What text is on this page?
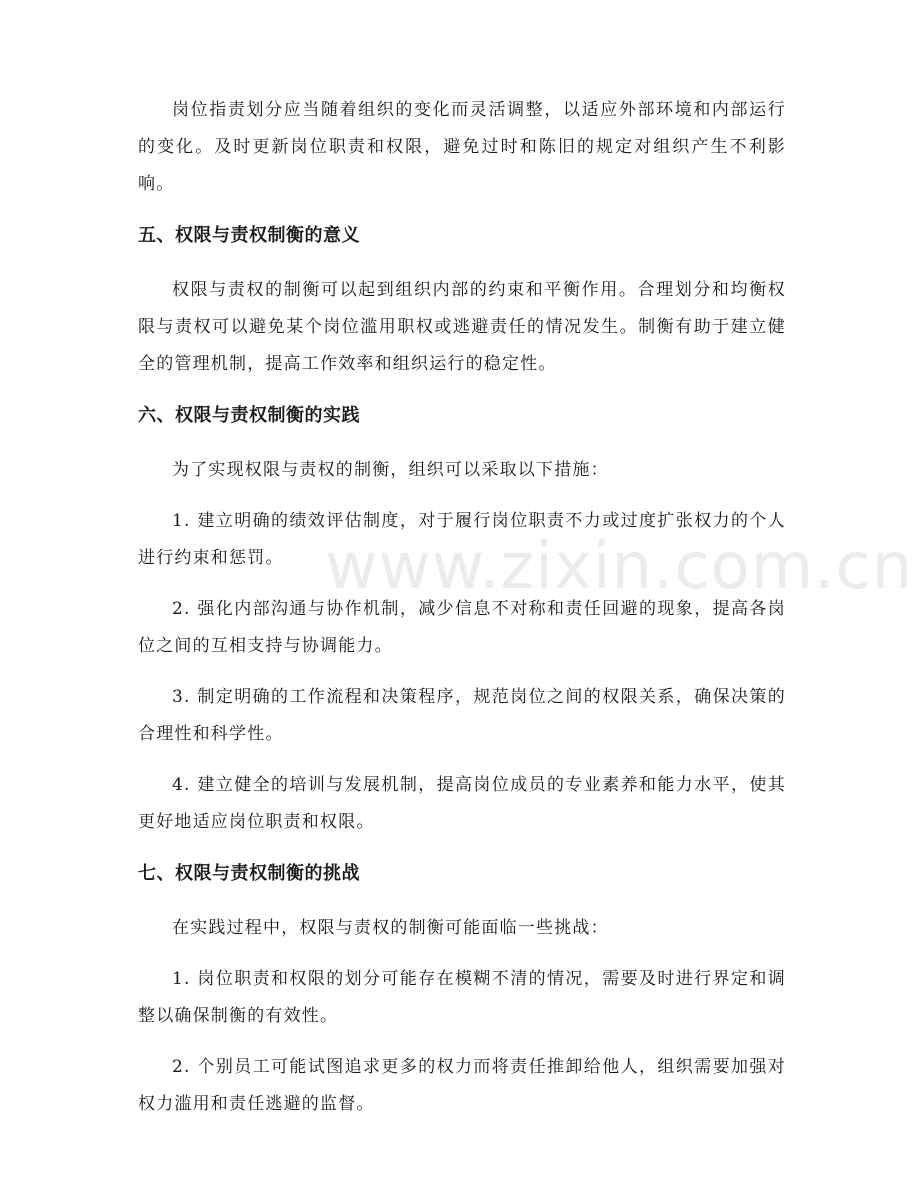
岗位指责划分应当随着组织的变化而灵活调整，以适应外部环境和内部运行的变化。及时更新岗位职责和权限，避免过时和陈旧的规定对组织产生不利影响。

五、权限与责权制衡的意义

权限与责权的制衡可以起到组织内部的约束和平衡作用。合理划分和均衡权限与责权可以避免某个岗位滥用职权或逃避责任的情况发生。制衡有助于建立健全的管理机制，提高工作效率和组织运行的稳定性。

六、权限与责权制衡的实践

为了实现权限与责权的制衡，组织可以采取以下措施：

1. 建立明确的绩效评估制度，对于履行岗位职责不力或过度扩张权力的个人进行约束和惩罚。

2. 强化内部沟通与协作机制，减少信息不对称和责任回避的现象，提高各岗位之间的互相支持与协调能力。

3. 制定明确的工作流程和决策程序，规范岗位之间的权限关系，确保决策的合理性和科学性。

4. 建立健全的培训与发展机制，提高岗位成员的专业素养和能力水平，使其更好地适应岗位职责和权限。

七、权限与责权制衡的挑战

在实践过程中，权限与责权的制衡可能面临一些挑战：

1. 岗位职责和权限的划分可能存在模糊不清的情况，需要及时进行界定和调整以确保制衡的有效性。

2. 个别员工可能试图追求更多的权力而将责任推卸给他人，组织需要加强对权力滥用和责任逃避的监督。

www.zixin.com.cn
